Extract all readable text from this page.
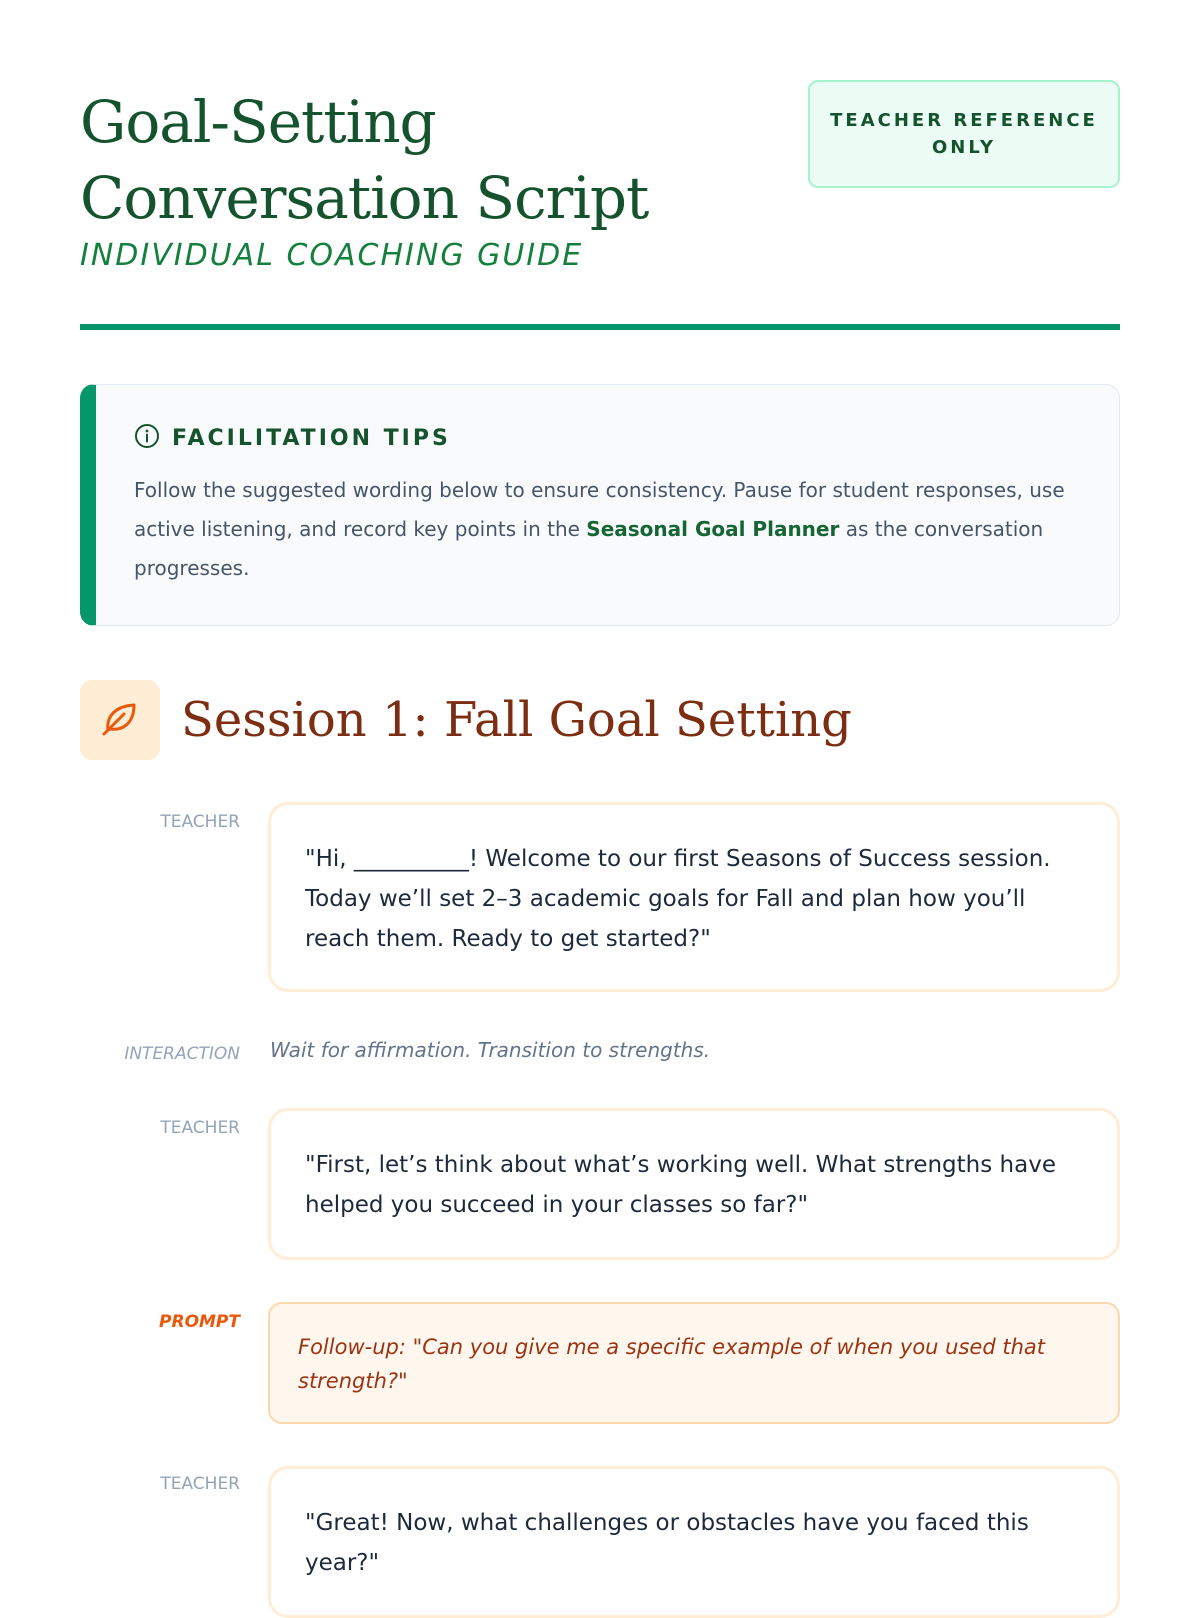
Goal-Setting Conversation Script
INDIVIDUAL COACHING GUIDE
TEACHER REFERENCE ONLY
FACILITATION TIPS
Follow the suggested wording below to ensure consistency. Pause for student responses, use active listening, and record key points in the Seasonal Goal Planner as the conversation progresses.
Session 1: Fall Goal Setting
TEACHER
"Hi, __________! Welcome to our first Seasons of Success session. Today we’ll set 2–3 academic goals for Fall and plan how you’ll reach them. Ready to get started?"
INTERACTION Wait for affirmation. Transition to strengths.
TEACHER
"First, let’s think about what’s working well. What strengths have helped you succeed in your classes so far?"
PROMPT
Follow-up: "Can you give me a specific example of when you used that strength?"
TEACHER
"Great! Now, what challenges or obstacles have you faced this year?"
